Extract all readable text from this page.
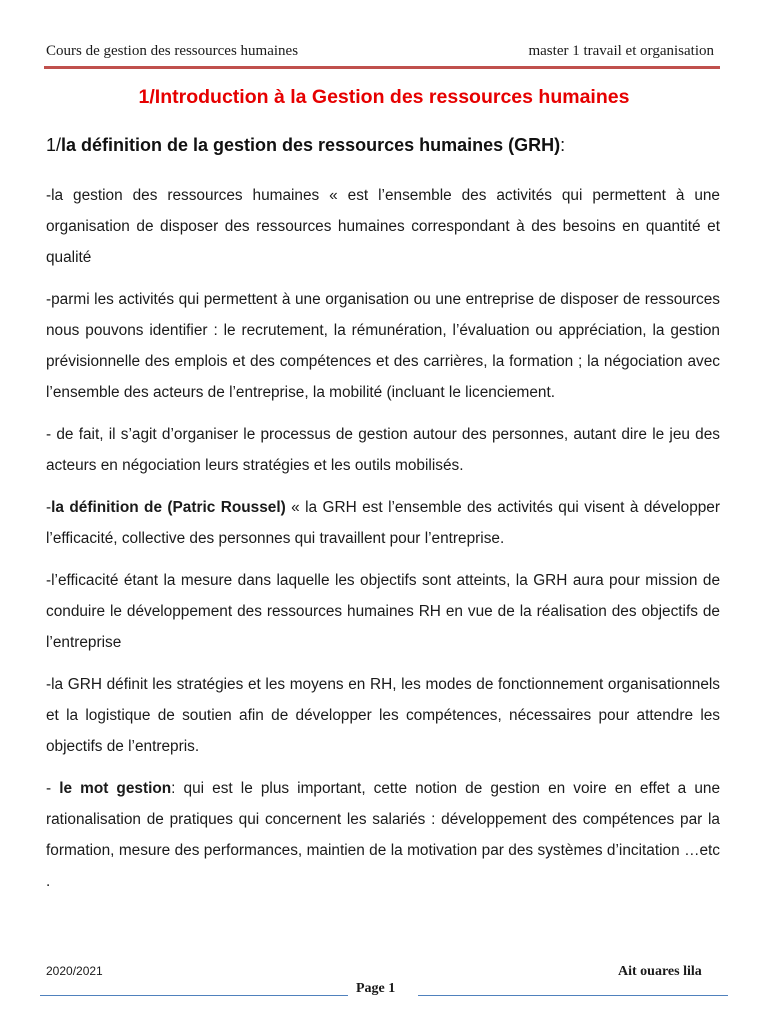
Cours de gestion des ressources humaines	master 1 travail et organisation
1/Introduction à la Gestion des ressources humaines
1/la définition de la gestion des ressources humaines (GRH):

-la gestion des ressources humaines « est l’ensemble des activités qui permettent à une organisation de disposer des ressources humaines correspondant à des besoins en quantité et qualité

-parmi les activités qui permettent à une organisation ou une entreprise de disposer de ressources nous pouvons identifier : le recrutement, la rémunération, l’évaluation ou appréciation, la gestion prévisionnelle des emplois et des compétences et des carrières, la formation ; la négociation avec l’ensemble des acteurs de l’entreprise, la mobilité (incluant le licenciement.

- de fait, il s’agit d’organiser le processus de gestion autour des personnes, autant dire le jeu des acteurs en négociation leurs stratégies et les outils mobilisés.

-la définition de (Patric Roussel) « la GRH est l’ensemble des activités qui visent à développer l’efficacité, collective des personnes qui travaillent pour l’entreprise.

-l’efficacité étant la mesure dans laquelle les objectifs sont atteints, la GRH aura pour mission de conduire le développement des ressources humaines RH en vue de la réalisation des objectifs de l’entreprise

-la GRH définit les stratégies et les moyens en RH, les modes de fonctionnement organisationnels et la logistique de soutien afin de développer les compétences, nécessaires pour attendre les objectifs de l’entrepris.

- le mot gestion: qui est le plus important, cette notion de gestion en voire en effet a une rationalisation de pratiques qui concernent les salariés : développement des compétences par la formation, mesure des performances, maintien de la motivation par des systèmes d’incitation …etc .

2020/2021	Ait ouares lila
Page 1
